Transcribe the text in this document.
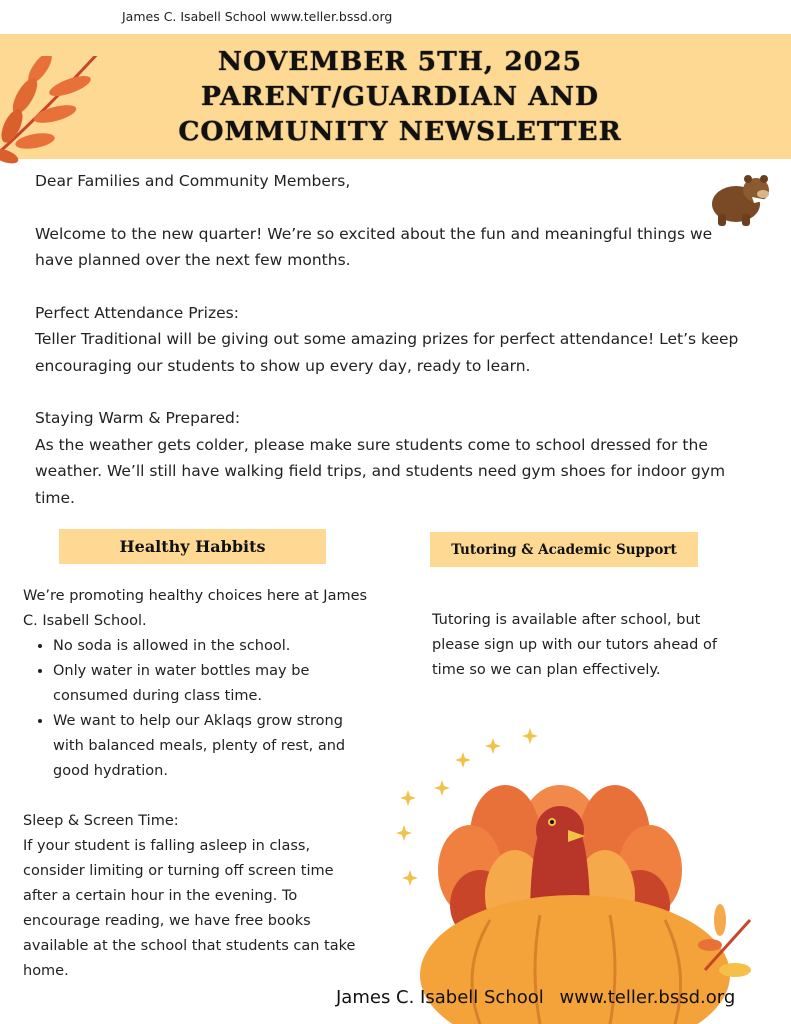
James C. Isabell School www.teller.bssd.org
NOVEMBER 5TH, 2025
PARENT/GUARDIAN AND
COMMUNITY NEWSLETTER

Dear Families and Community Members,

Welcome to the new quarter! We’re so excited about the fun and meaningful things we have planned over the next few months.

Perfect Attendance Prizes:

Teller Traditional will be giving out some amazing prizes for perfect attendance! Let’s keep encouraging our students to show up every day, ready to learn.

Staying Warm & Prepared:

As the weather gets colder, please make sure students come to school dressed for the weather. We’ll still have walking field trips, and students need gym shoes for indoor gym time.

Healthy Habbits	Tutoring & Academic Support
We’re promoting healthy choices here at James C. Isabell School.
• No soda is allowed in the school.
• Only water in water bottles may be consumed during class time.
• We want to help our Aklaqs grow strong with balanced meals, plenty of rest, and good hydration.
Sleep & Screen Time:
If your student is falling asleep in class, consider limiting or turning off screen time after a certain hour in the evening. To encourage reading, we have free books available at the school that students can take home.
Tutoring is available after school, but please sign up with our tutors ahead of time so we can plan effectively.
James C. Isabell School www.teller.bssd.org
